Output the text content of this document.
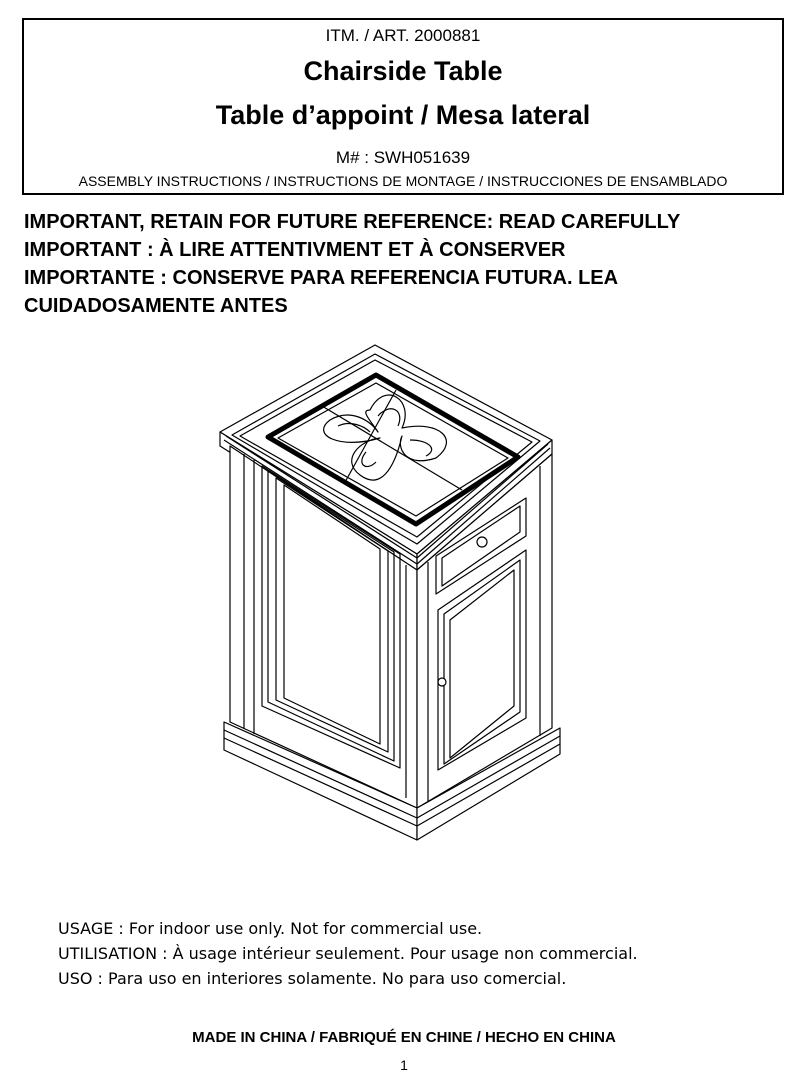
ITM. / ART. 2000881
Chairside Table
Table d’appoint / Mesa lateral
M# : SWH051639
ASSEMBLY INSTRUCTIONS / INSTRUCTIONS DE MONTAGE / INSTRUCCIONES DE ENSAMBLADO
IMPORTANT, RETAIN FOR FUTURE REFERENCE: READ CAREFULLY
IMPORTANT : À LIRE ATTENTIVMENT ET À CONSERVER
IMPORTANTE : CONSERVE PARA REFERENCIA FUTURA. LEA
CUIDADOSAMENTE ANTES
USAGE : For indoor use only. Not for commercial use.
UTILISATION : À usage intérieur seulement. Pour usage non commercial.
USO : Para uso en interiores solamente. No para uso comercial.
MADE IN CHINA / FABRIQUÉ EN CHINE / HECHO EN CHINA
1
